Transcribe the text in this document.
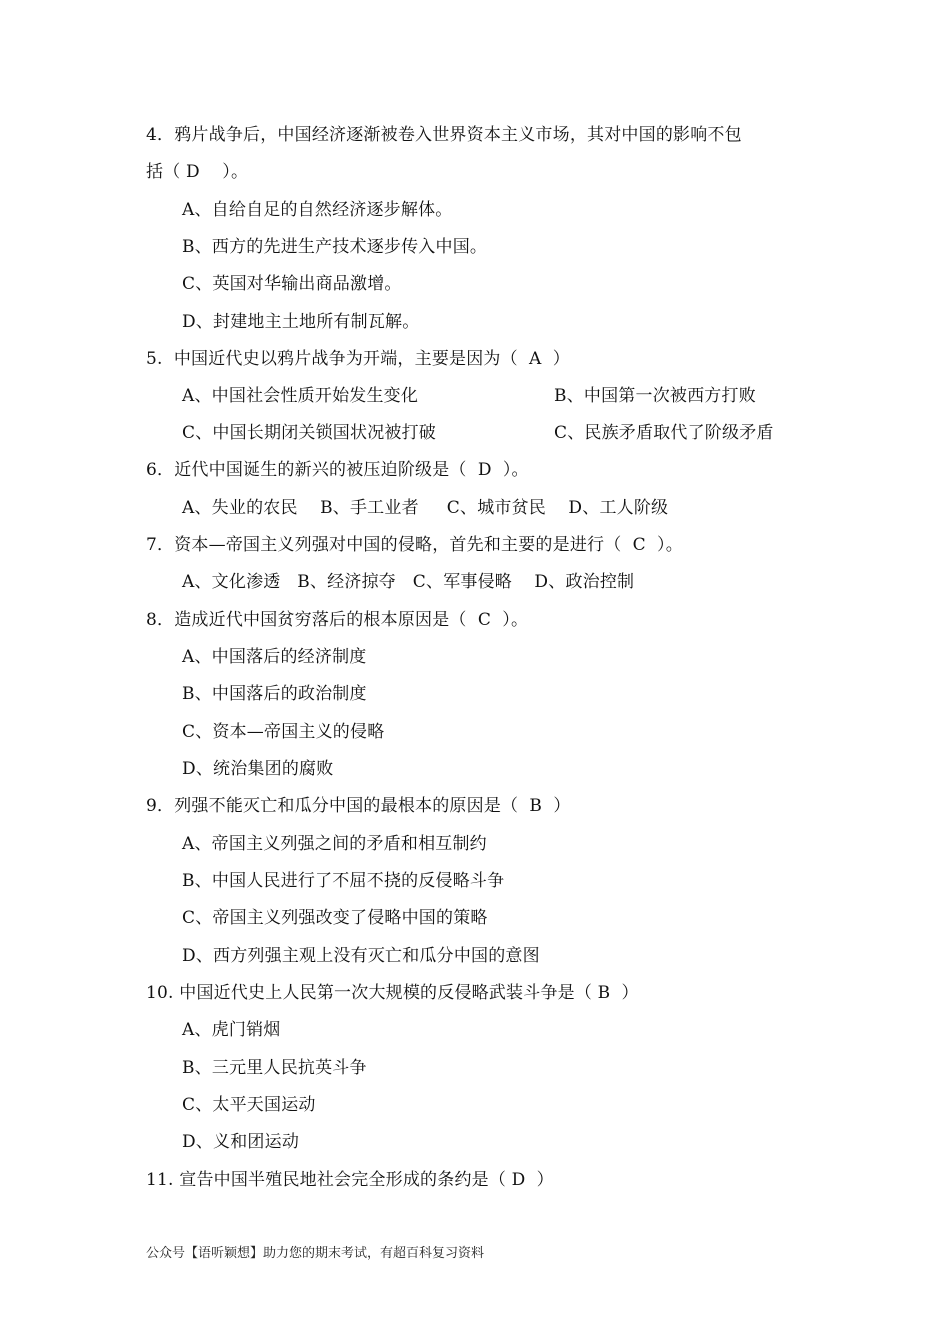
4．鸦片战争后，中国经济逐渐被卷入世界资本主义市场，其对中国的影响不包
括（ D    ）。
A、自给自足的自然经济逐步解体。
B、西方的先进生产技术逐步传入中国。
C、英国对华输出商品激增。
D、封建地主土地所有制瓦解。
5.  中国近代史以鸦片战争为开端，主要是因为（  A  ）
A、中国社会性质开始发生变化	B、中国第一次被西方打败
C、中国长期闭关锁国状况被打破	C、民族矛盾取代了阶级矛盾
6．近代中国诞生的新兴的被压迫阶级是（  D  ）。
A、失业的农民    B、手工业者     C、城市贫民    D、工人阶级
7．资本—帝国主义列强对中国的侵略，首先和主要的是进行（  C  ）。
A、文化渗透   B、经济掠夺   C、军事侵略    D、政治控制
8．造成近代中国贫穷落后的根本原因是（  C  ）。
A、中国落后的经济制度
B、中国落后的政治制度
C、资本—帝国主义的侵略
D、统治集团的腐败
9．列强不能灭亡和瓜分中国的最根本的原因是（  B  ）
A、帝国主义列强之间的矛盾和相互制约
B、中国人民进行了不屈不挠的反侵略斗争
C、帝国主义列强改变了侵略中国的策略
D、西方列强主观上没有灭亡和瓜分中国的意图
10. 中国近代史上人民第一次大规模的反侵略武装斗争是（ B  ）
A、虎门销烟
B、三元里人民抗英斗争
C、太平天国运动
D、义和团运动
11. 宣告中国半殖民地社会完全形成的条约是（ D  ）
公众号【语听颖想】助力您的期末考试，有超百科复习资料
